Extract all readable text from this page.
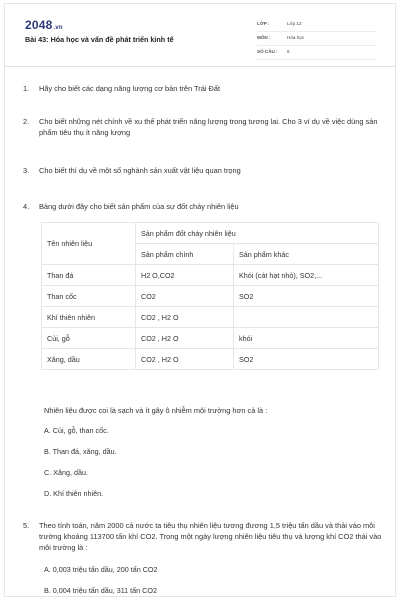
2048.vn
Bài 43: Hóa học và vấn đề phát triển kinh tế
LỚP :	Lớp 12
MÔN :	Hóa học
SỐ CÂU : 6
1.	Hãy cho biết các dạng năng lượng cơ bản trên Trái Đất
2.	Cho biết những nét chính về xu thế phát triển năng lượng trong tương lai. Cho 3 ví dụ về việc dùng sản phẩm tiêu thụ ít năng lượng
3.	Cho biết thí dụ về một số nghành sản xuất vật liệu quan trọng
4.	Bảng dưới đây cho biết sản phẩm của sự đốt cháy nhiên liệu
Tên nhiên liệu	Sản phẩm đốt cháy nhiên liệu	
	Sản phẩm chính	Sản phẩm khác
Than đá	H2 O,CO2	Khói (cát hạt nhỏ), SO2,...
Than cốc	CO2	SO2
Khí thiên nhiên	CO2 , H2 O	
Củi, gỗ	CO2 , H2 O	khói
Xăng, dầu	CO2 , H2 O	SO2
Nhiên liệu được coi là sạch và ít gây ô nhiễm môi trường hơn cả là :
A. Củi, gỗ, than cốc.
B. Than đá, xăng, dầu.
C. Xăng, dầu.
D. Khí thiên nhiên.
5.	Theo tính toán, năm 2000 cả nước ta tiêu thụ nhiên liệu tương đương 1,5 triệu tấn dầu và thải vào môi trường khoảng 113700 tấn khí CO2. Trong một ngày lượng nhiên liệu tiêu thụ và lượng khí CO2 thải vào môi trường là :
A. 0,003 triệu tấn dầu, 200 tấn CO2
B. 0,004 triệu tấn dầu, 311 tấn CO2
